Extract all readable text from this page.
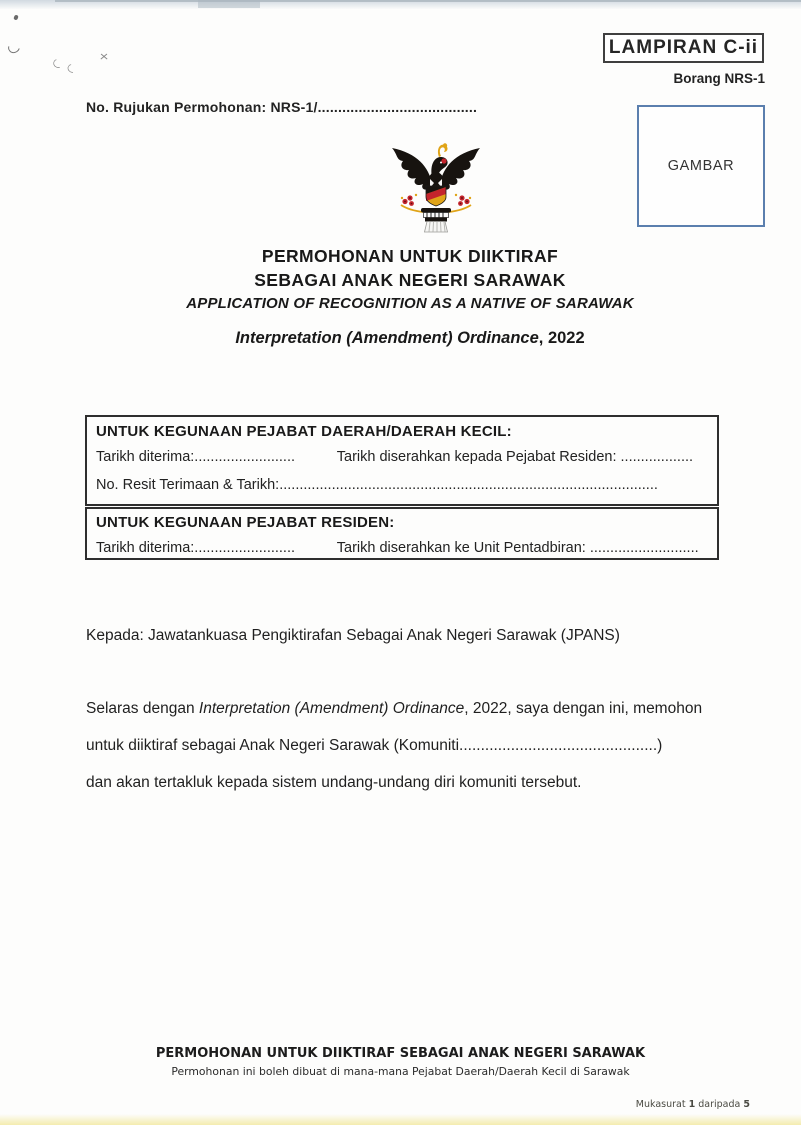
LAMPIRAN C-ii
Borang NRS-1
No. Rujukan Permohonan: NRS-1/.......................................
GAMBAR
PERMOHONAN UNTUK DIIKTIRAF
SEBAGAI ANAK NEGERI SARAWAK
APPLICATION OF RECOGNITION AS A NATIVE OF SARAWAK
Interpretation (Amendment) Ordinance, 2022
UNTUK KEGUNAAN PEJABAT DAERAH/DAERAH KECIL:
Tarikh diterima:.........................	Tarikh diserahkan kepada Pejabat Residen: ..................
No. Resit Terimaan & Tarikh:..............................................................................................
UNTUK KEGUNAAN PEJABAT RESIDEN:
Tarikh diterima:.........................	Tarikh diserahkan ke Unit Pentadbiran: ...........................
Kepada: Jawatankuasa Pengiktirafan Sebagai Anak Negeri Sarawak (JPANS)
Selaras dengan Interpretation (Amendment) Ordinance, 2022, saya dengan ini, memohon
untuk diiktiraf sebagai Anak Negeri Sarawak (Komuniti..............................................)
dan akan tertakluk kepada sistem undang-undang diri komuniti tersebut.
PERMOHONAN UNTUK DIIKTIRAF SEBAGAI ANAK NEGERI SARAWAK
Permohonan ini boleh dibuat di mana-mana Pejabat Daerah/Daerah Kecil di Sarawak
Mukasurat 1 daripada 5
